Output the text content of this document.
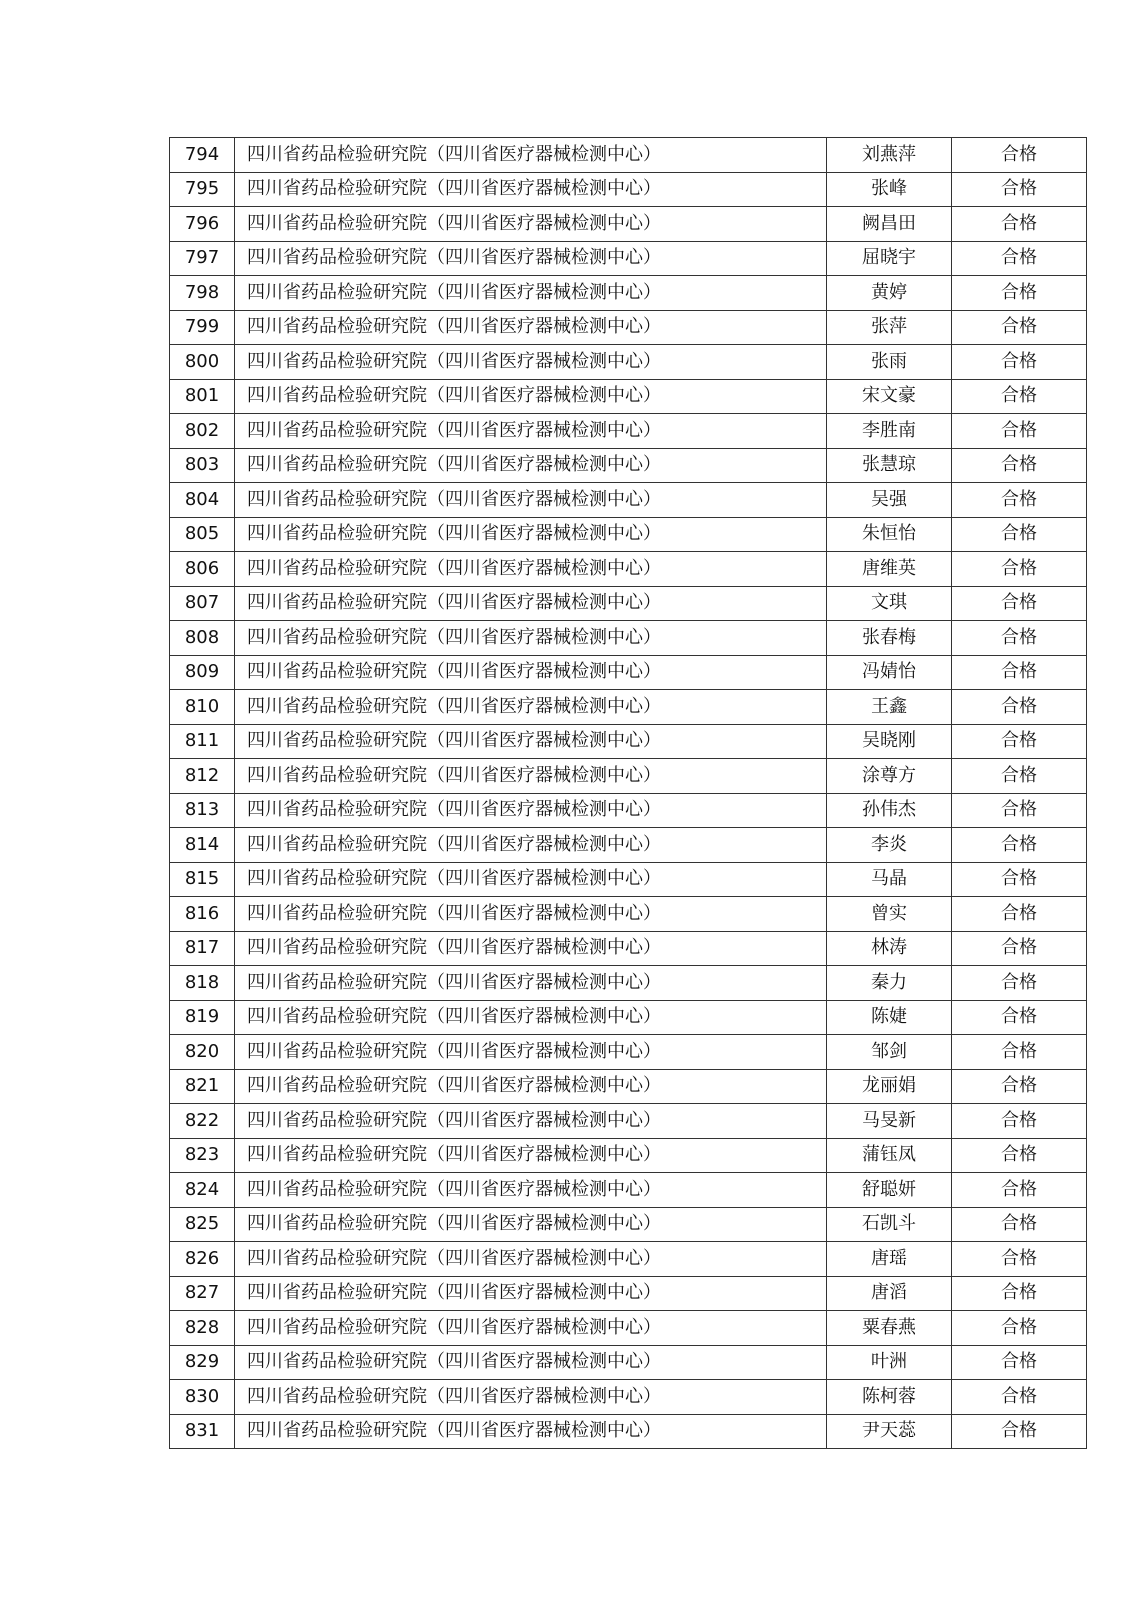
794	四川省药品检验研究院（四川省医疗器械检测中心）	刘燕萍	合格
795	四川省药品检验研究院（四川省医疗器械检测中心）	张峰	合格
796	四川省药品检验研究院（四川省医疗器械检测中心）	阙昌田	合格
797	四川省药品检验研究院（四川省医疗器械检测中心）	屈晓宇	合格
798	四川省药品检验研究院（四川省医疗器械检测中心）	黄婷	合格
799	四川省药品检验研究院（四川省医疗器械检测中心）	张萍	合格
800	四川省药品检验研究院（四川省医疗器械检测中心）	张雨	合格
801	四川省药品检验研究院（四川省医疗器械检测中心）	宋文豪	合格
802	四川省药品检验研究院（四川省医疗器械检测中心）	李胜南	合格
803	四川省药品检验研究院（四川省医疗器械检测中心）	张慧琼	合格
804	四川省药品检验研究院（四川省医疗器械检测中心）	吴强	合格
805	四川省药品检验研究院（四川省医疗器械检测中心）	朱恒怡	合格
806	四川省药品检验研究院（四川省医疗器械检测中心）	唐维英	合格
807	四川省药品检验研究院（四川省医疗器械检测中心）	文琪	合格
808	四川省药品检验研究院（四川省医疗器械检测中心）	张春梅	合格
809	四川省药品检验研究院（四川省医疗器械检测中心）	冯婧怡	合格
810	四川省药品检验研究院（四川省医疗器械检测中心）	王鑫	合格
811	四川省药品检验研究院（四川省医疗器械检测中心）	吴晓刚	合格
812	四川省药品检验研究院（四川省医疗器械检测中心）	涂尊方	合格
813	四川省药品检验研究院（四川省医疗器械检测中心）	孙伟杰	合格
814	四川省药品检验研究院（四川省医疗器械检测中心）	李炎	合格
815	四川省药品检验研究院（四川省医疗器械检测中心）	马晶	合格
816	四川省药品检验研究院（四川省医疗器械检测中心）	曾实	合格
817	四川省药品检验研究院（四川省医疗器械检测中心）	林涛	合格
818	四川省药品检验研究院（四川省医疗器械检测中心）	秦力	合格
819	四川省药品检验研究院（四川省医疗器械检测中心）	陈婕	合格
820	四川省药品检验研究院（四川省医疗器械检测中心）	邹剑	合格
821	四川省药品检验研究院（四川省医疗器械检测中心）	龙丽娟	合格
822	四川省药品检验研究院（四川省医疗器械检测中心）	马旻新	合格
823	四川省药品检验研究院（四川省医疗器械检测中心）	蒲钰凤	合格
824	四川省药品检验研究院（四川省医疗器械检测中心）	舒聪妍	合格
825	四川省药品检验研究院（四川省医疗器械检测中心）	石凯斗	合格
826	四川省药品检验研究院（四川省医疗器械检测中心）	唐瑶	合格
827	四川省药品检验研究院（四川省医疗器械检测中心）	唐滔	合格
828	四川省药品检验研究院（四川省医疗器械检测中心）	粟春燕	合格
829	四川省药品检验研究院（四川省医疗器械检测中心）	叶洲	合格
830	四川省药品检验研究院（四川省医疗器械检测中心）	陈柯蓉	合格
831	四川省药品检验研究院（四川省医疗器械检测中心）	尹天蕊	合格
